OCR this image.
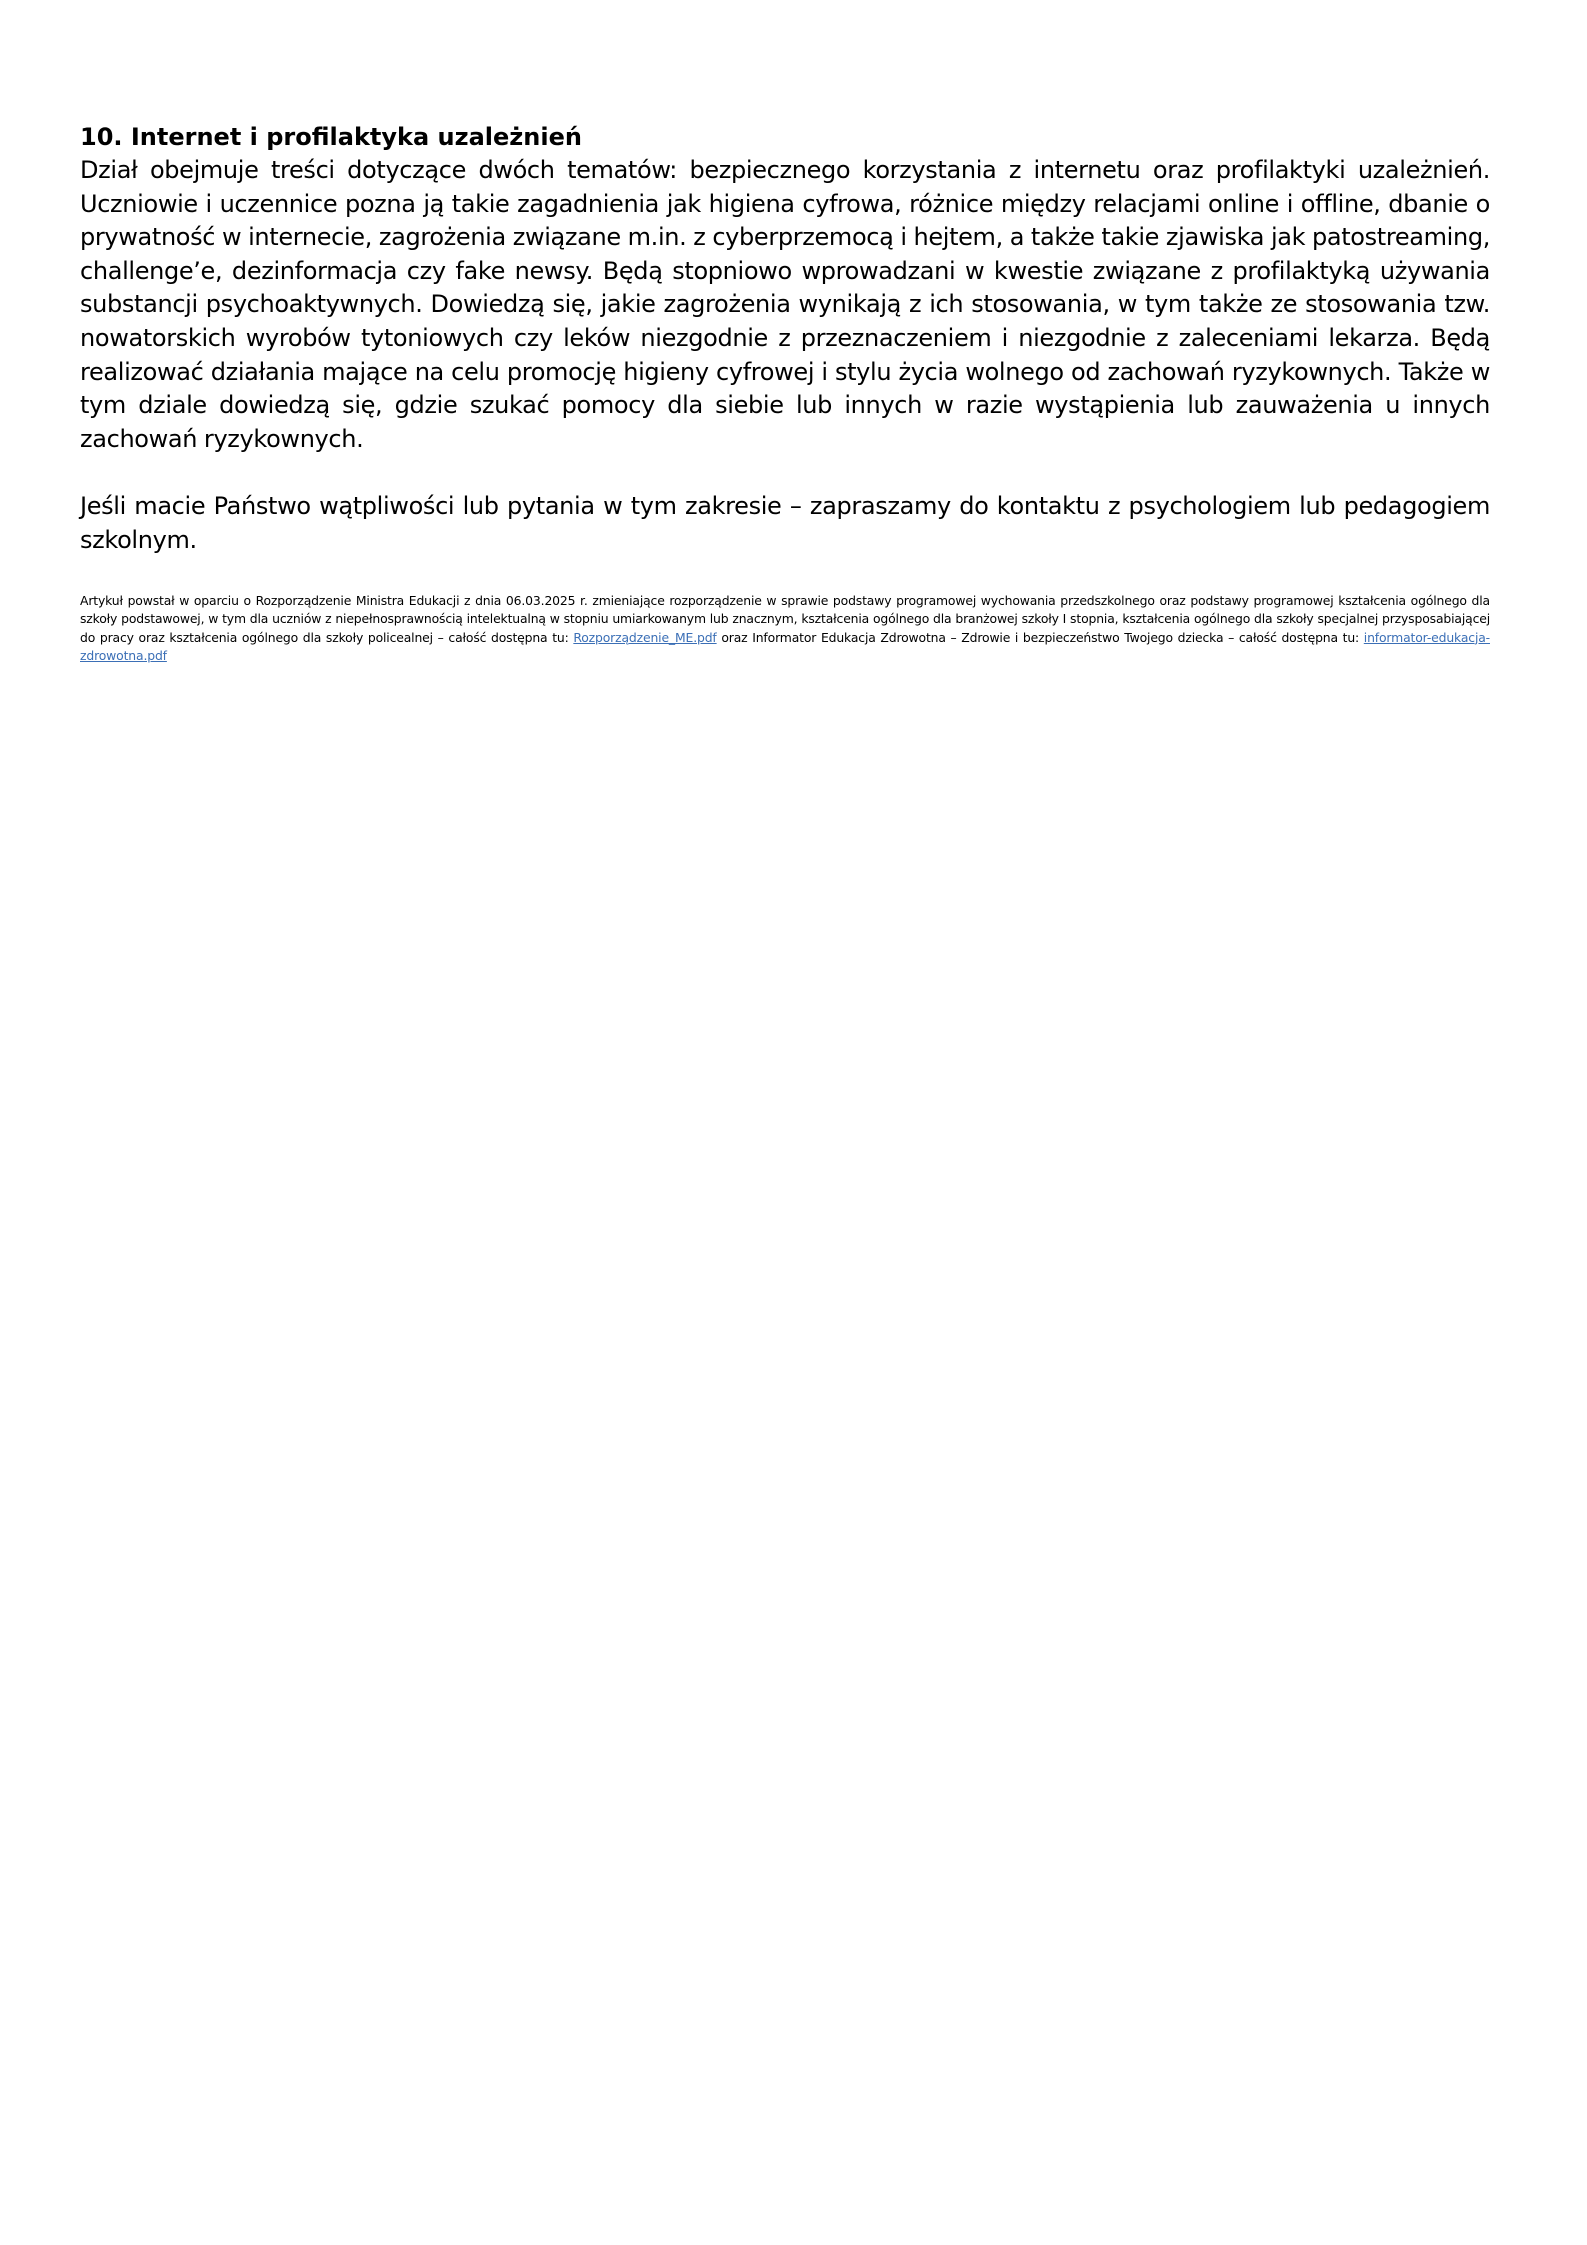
10. Internet i profilaktyka uzależnień

Dział obejmuje treści dotyczące dwóch tematów: bezpiecznego korzystania z internetu oraz profilaktyki uzależnień. Uczniowie i uczennice pozna ją takie zagadnienia jak higiena cyfrowa, różnice między relacjami online i offline, dbanie o prywatność w internecie, zagrożenia związane m.in. z cyberprzemocą i hejtem, a także takie zjawiska jak patostreaming, challenge’e, dezinformacja czy fake newsy. Będą stopniowo wprowadzani w kwestie związane z profilaktyką używania substancji psychoaktywnych. Dowiedzą się, jakie zagrożenia wynikają z ich stosowania, w tym także ze stosowania tzw. nowatorskich wyrobów tytoniowych czy leków niezgodnie z przeznaczeniem i niezgodnie z zaleceniami lekarza. Będą realizować działania mające na celu promocję higieny cyfrowej i stylu życia wolnego od zachowań ryzykownych. Także w tym dziale dowiedzą się, gdzie szukać pomocy dla siebie lub innych w razie wystąpienia lub zauważenia u innych zachowań ryzykownych.

Jeśli macie Państwo wątpliwości lub pytania w tym zakresie – zapraszamy do kontaktu z psychologiem lub pedagogiem szkolnym.

Artykuł powstał w oparciu o Rozporządzenie Ministra Edukacji z dnia 06.03.2025 r. zmieniające rozporządzenie w sprawie podstawy programowej wychowania przedszkolnego oraz podstawy programowej kształcenia ogólnego dla szkoły podstawowej, w tym dla uczniów z niepełnosprawnością intelektualną w stopniu umiarkowanym lub znacznym, kształcenia ogólnego dla branżowej szkoły I stopnia, kształcenia ogólnego dla szkoły specjalnej przysposabiającej do pracy oraz kształcenia ogólnego dla szkoły policealnej – całość dostępna tu: Rozporządzenie_ME.pdf oraz Informator Edukacja Zdrowotna – Zdrowie i bezpieczeństwo Twojego dziecka – całość dostępna tu: informator-edukacja-zdrowotna.pdf
